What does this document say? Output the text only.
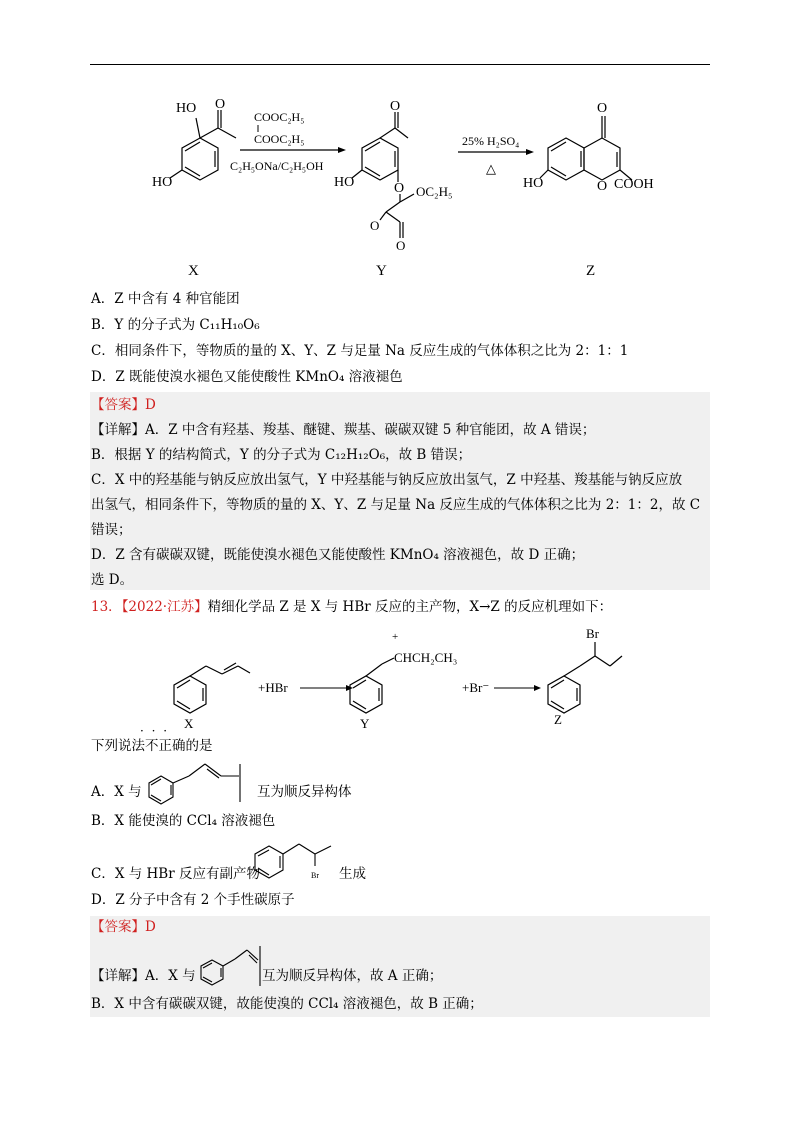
HO
HO
O
COOC₂H₅
COOC₂H₅
C₂H₅ONa/C₂H₅OH
O
HO	O OC₂H₅
O
O
25% H₂SO₄
△
O
HO	O COOH
X	Y	Z
A．Z 中含有 4 种官能团
B．Y 的分子式为 C₁₁H₁₀O₆
C．相同条件下，等物质的量的 X、Y、Z 与足量 Na 反应生成的气体体积之比为 2：1：1
D．Z 既能使溴水褪色又能使酸性 KMnO₄ 溶液褪色
【答案】D
【详解】A．Z 中含有羟基、羧基、醚键、羰基、碳碳双键 5 种官能团，故 A 错误；
B．根据 Y 的结构简式，Y 的分子式为 C₁₂H₁₂O₆，故 B 错误；
C．X 中的羟基能与钠反应放出氢气，Y 中羟基能与钠反应放出氢气，Z 中羟基、羧基能与钠反应放
出氢气，相同条件下，等物质的量的 X、Y、Z 与足量 Na 反应生成的气体体积之比为 2：1：2，故 C
错误；
D．Z 含有碳碳双键，既能使溴水褪色又能使酸性 KMnO₄ 溶液褪色，故 D 正确；
选 D。
13．【2022·江苏】精细化学品 Z 是 X 与 HBr 反应的主产物，X→Z 的反应机理如下：
X
+HBr
+
CHCH₂CH₃
Y
+Br⁻
Br
Z
· · ·
下列说法不正确的是
A．X 与	互为顺反异构体
B．X 能使溴的 CCl₄ 溶液褪色
C．X 与 HBr 反应有副产物	Br 生成
D．Z 分子中含有 2 个手性碳原子
【答案】D
【详解】A．X 与	互为顺反异构体，故 A 正确；
B．X 中含有碳碳双键，故能使溴的 CCl₄ 溶液褪色，故 B 正确；
